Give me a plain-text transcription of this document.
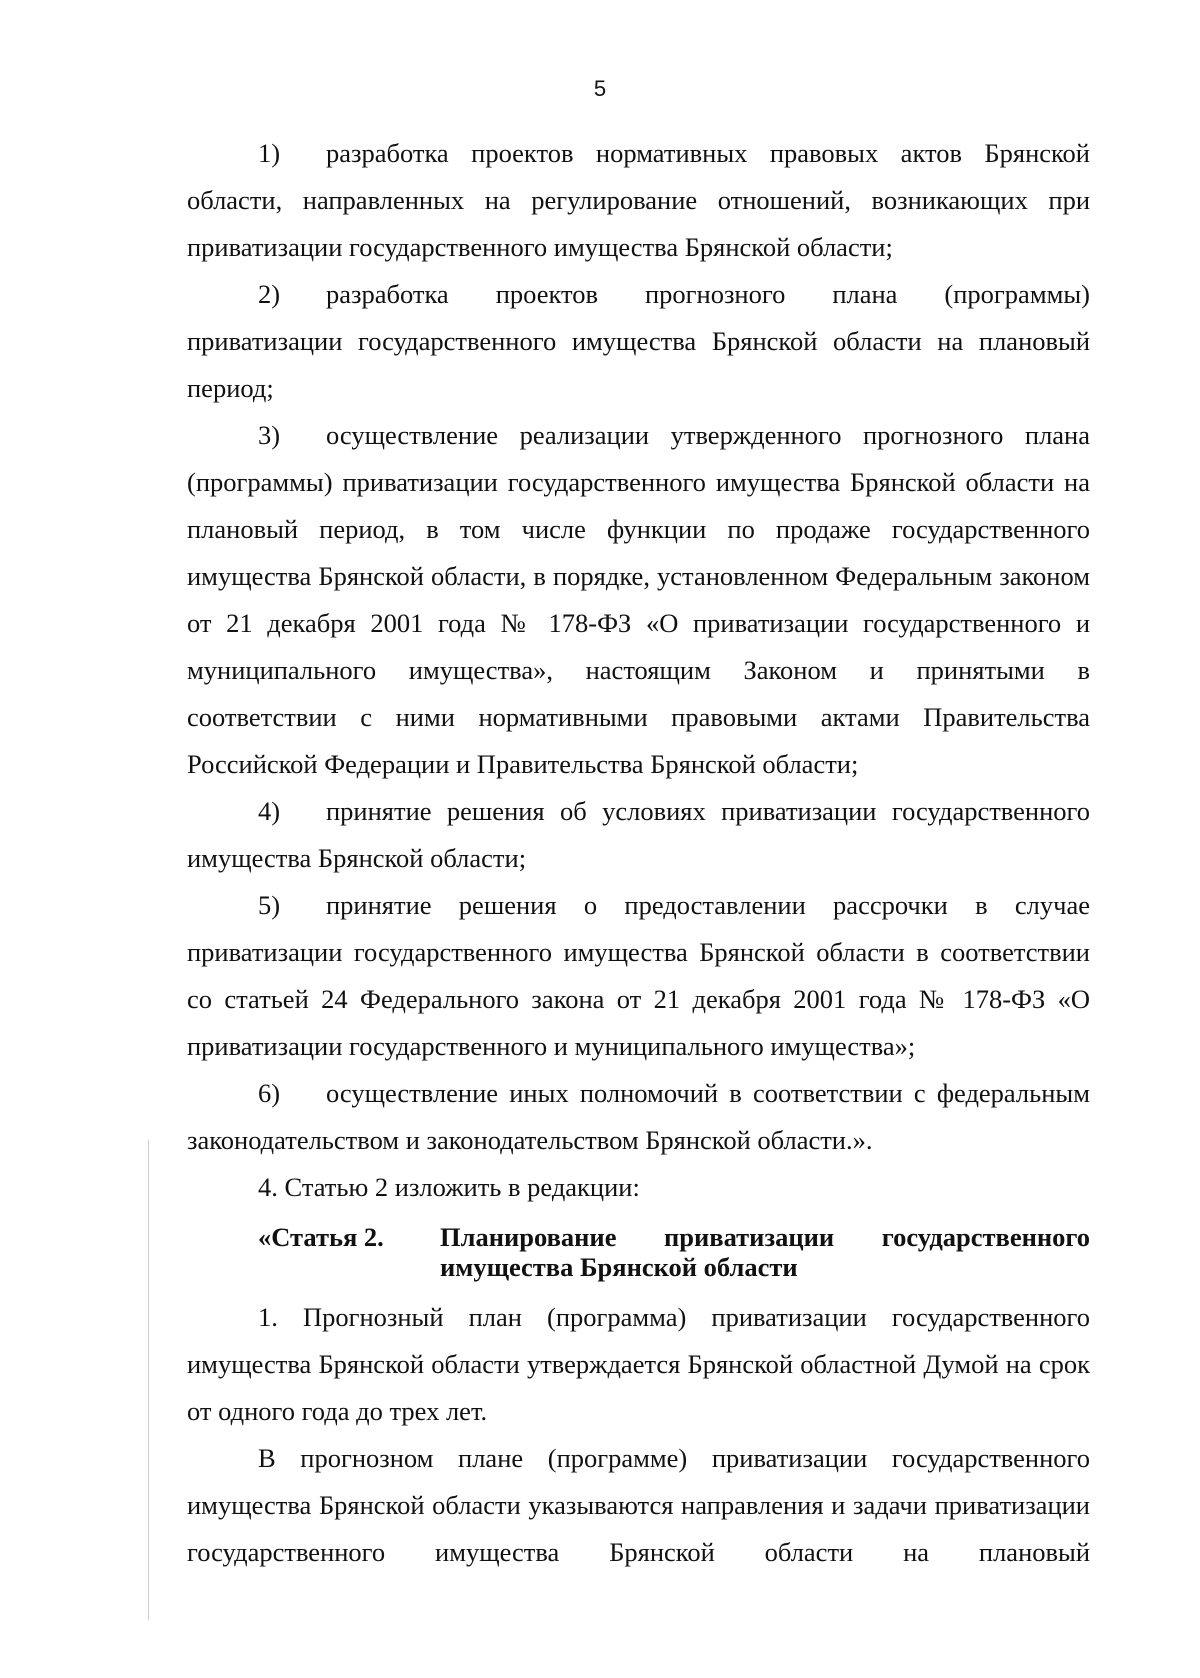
5

1) разработка проектов нормативных правовых актов Брянской области, направленных на регулирование отношений, возникающих при приватизации государственного имущества Брянской области;

2) разработка проектов прогнозного плана (программы) приватизации государственного имущества Брянской области на плановый период;

3) осуществление реализации утвержденного прогнозного плана (программы) приватизации государственного имущества Брянской области на плановый период, в том числе функции по продаже государственного имущества Брянской области, в порядке, установленном Федеральным законом от 21 декабря 2001 года № 178-ФЗ «О приватизации государственного и муниципального имущества», настоящим Законом и принятыми в соответствии с ними нормативными правовыми актами Правительства Российской Федерации и Правительства Брянской области;

4) принятие решения об условиях приватизации государственного имущества Брянской области;

5) принятие решения о предоставлении рассрочки в случае приватизации государственного имущества Брянской области в соответствии со статьей 24 Федерального закона от 21 декабря 2001 года № 178-ФЗ «О приватизации государственного и муниципального имущества»;

6) осуществление иных полномочий в соответствии с федеральным законодательством и законодательством Брянской области.».

4. Статью 2 изложить в редакции:

«Статья 2.	Планирование приватизации государственного имущества Брянской области

1. Прогнозный план (программа) приватизации государственного имущества Брянской области утверждается Брянской областной Думой на срок от одного года до трех лет.

В прогнозном плане (программе) приватизации государственного имущества Брянской области указываются направления и задачи приватизации государственного имущества Брянской области на плановый
